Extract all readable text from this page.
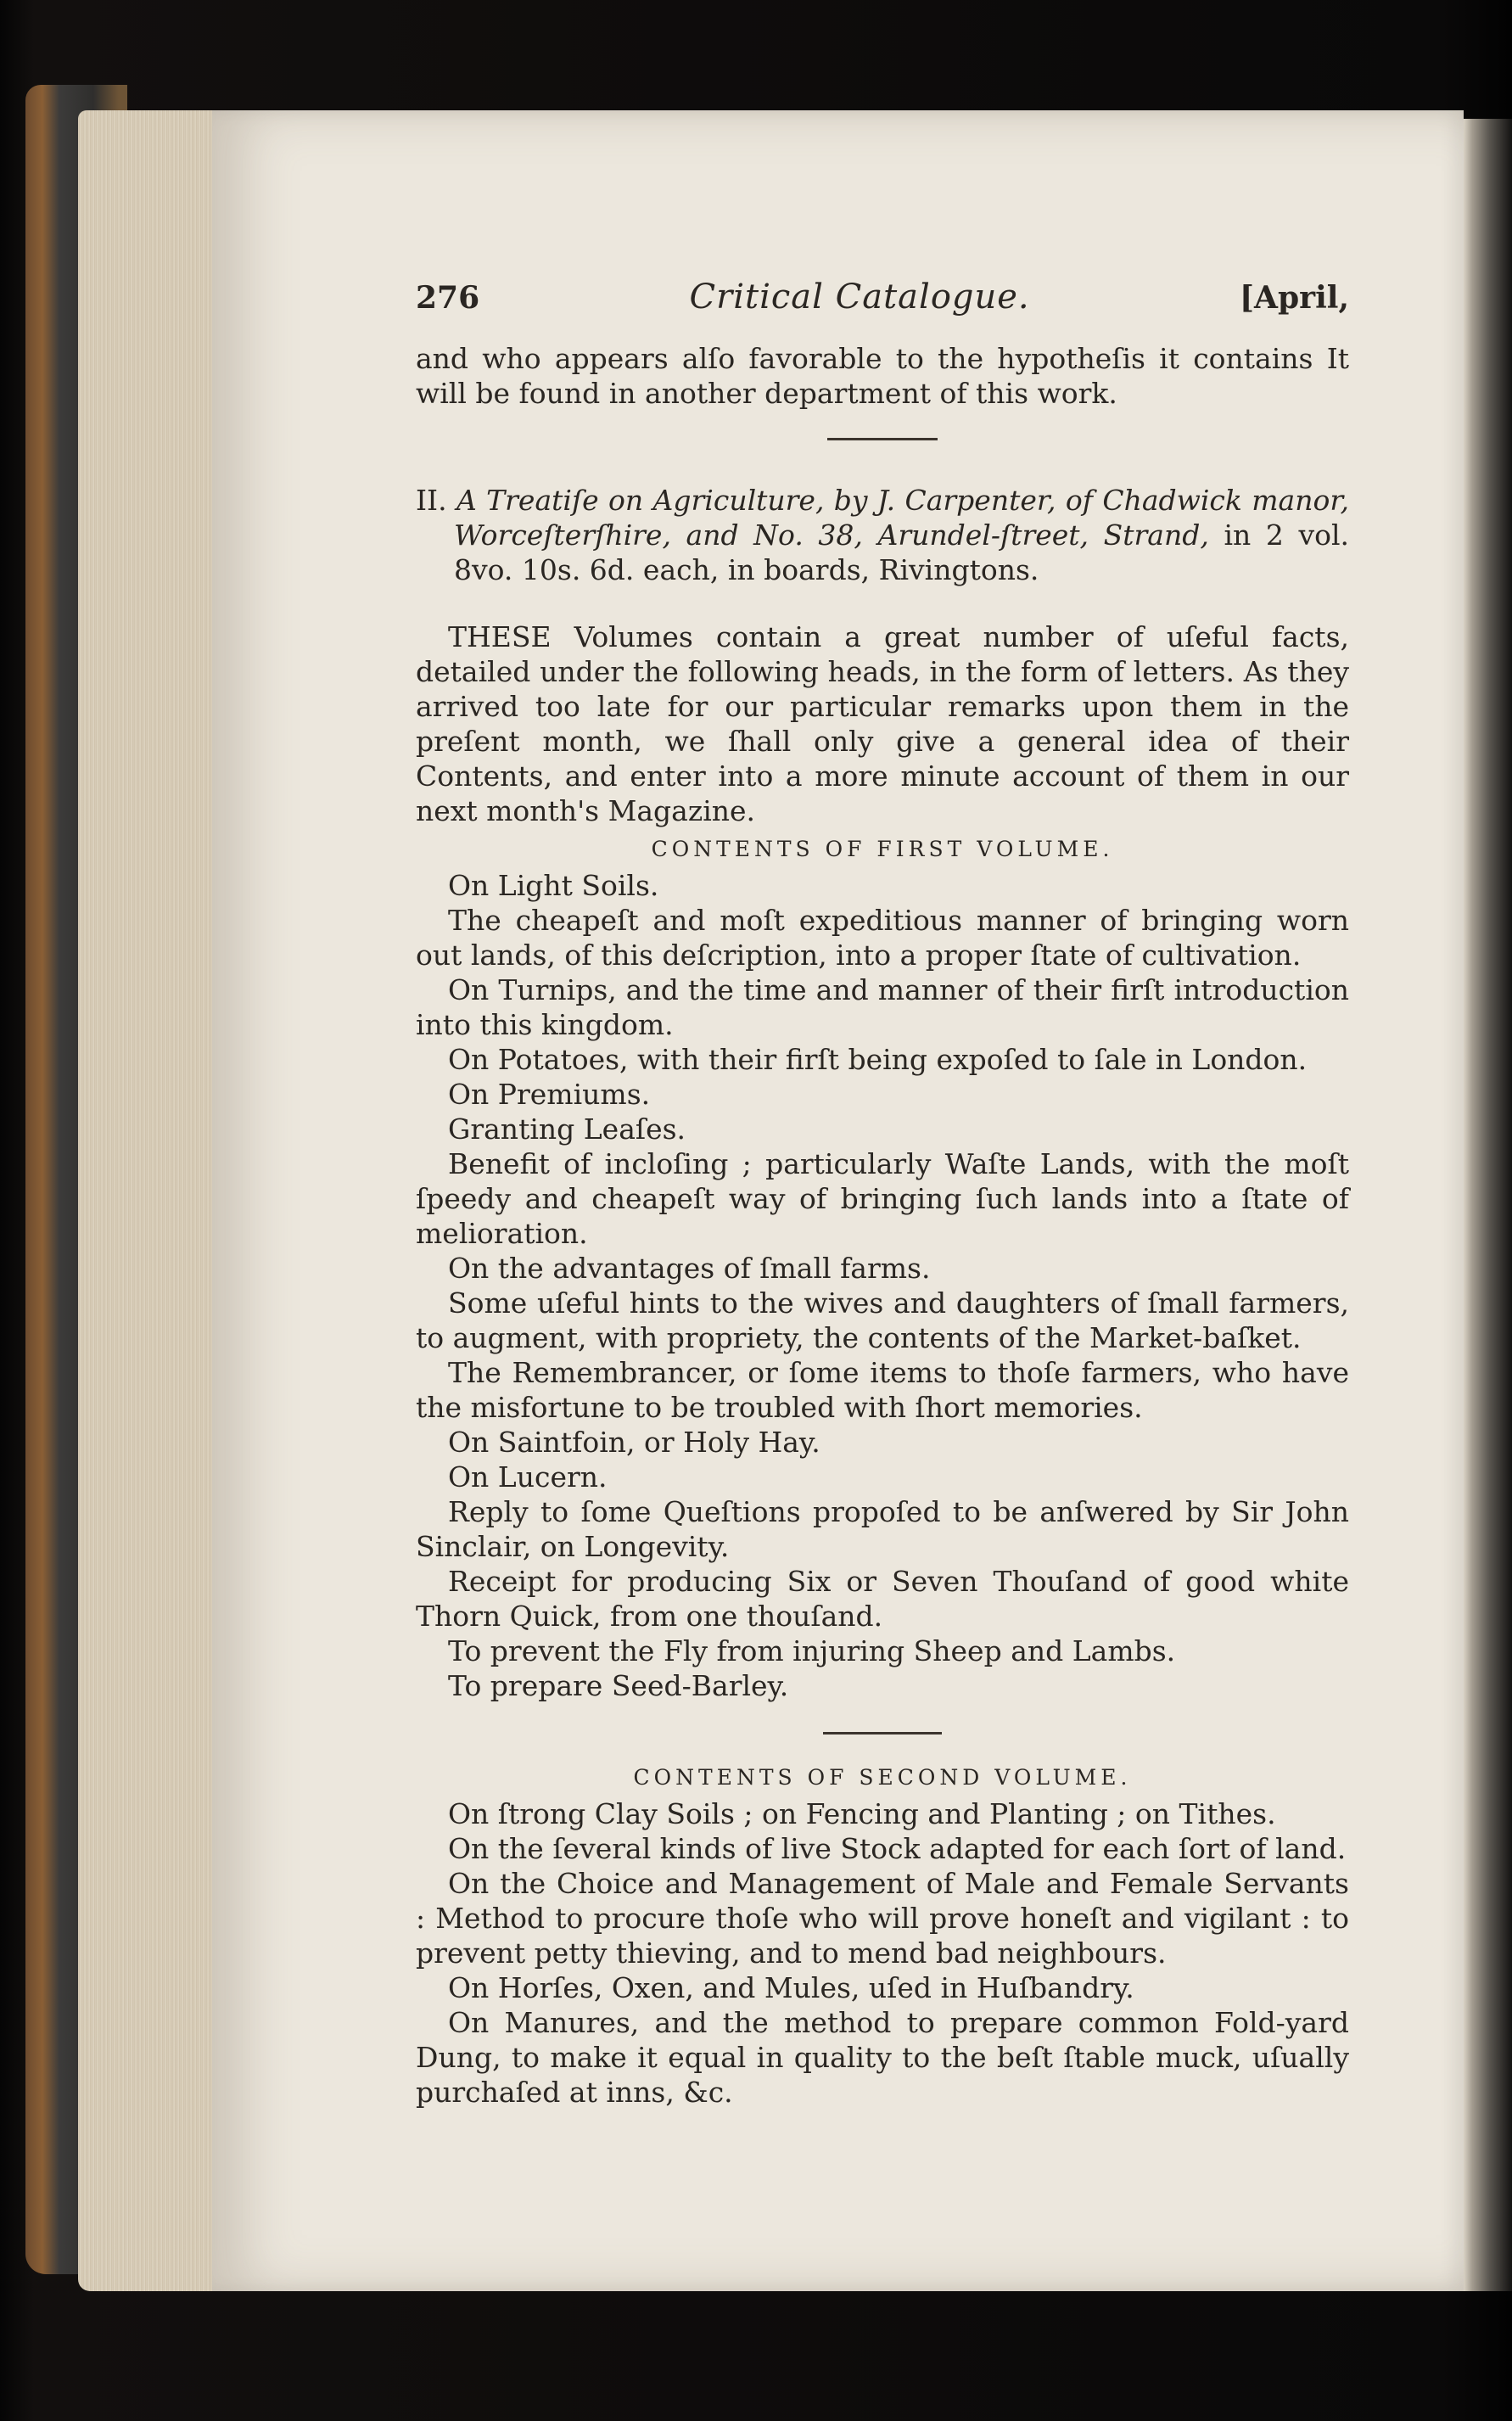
276	Critical Catalogue.	[April,

and who appears alſo favorable to the hypotheſis it contains It will be found in another department of this work.

II. A Treatiſe on Agriculture, by J. Carpenter, of Chadwick manor, Worceſterſhire, and No. 38, Arundel-ſtreet, Strand, in 2 vol. 8vo. 10s. 6d. each, in boards, Rivingtons.

THESE Volumes contain a great number of uſeful facts, detailed under the following heads, in the form of letters. As they arrived too late for our particular remarks upon them in the preſent month, we ſhall only give a general idea of their Contents, and enter into a more minute account of them in our next month's Magazine.

CONTENTS OF FIRST VOLUME.

On Light Soils.

The cheapeſt and moſt expeditious manner of bringing worn out lands, of this deſcription, into a proper ſtate of cultivation.

On Turnips, and the time and manner of their firſt introduction into this kingdom.

On Potatoes, with their firſt being expoſed to ſale in London.

On Premiums.

Granting Leaſes.

Benefit of incloſing ; particularly Waſte Lands, with the moſt ſpeedy and cheapeſt way of bringing ſuch lands into a ſtate of melioration.

On the advantages of ſmall farms.

Some uſeful hints to the wives and daughters of ſmall farmers, to augment, with propriety, the contents of the Market-baſket.

The Remembrancer, or ſome items to thoſe farmers, who have the misfortune to be troubled with ſhort memories.

On Saintfoin, or Holy Hay.

On Lucern.

Reply to ſome Queſtions propoſed to be anſwered by Sir John Sinclair, on Longevity.

Receipt for producing Six or Seven Thouſand of good white Thorn Quick, from one thouſand.

To prevent the Fly from injuring Sheep and Lambs.

To prepare Seed-Barley.

CONTENTS OF SECOND VOLUME.

On ſtrong Clay Soils ; on Fencing and Planting ; on Tithes.

On the ſeveral kinds of live Stock adapted for each ſort of land.

On the Choice and Management of Male and Female Servants : Method to procure thoſe who will prove honeſt and vigilant : to prevent petty thieving, and to mend bad neighbours.

On Horſes, Oxen, and Mules, uſed in Huſbandry.

On Manures, and the method to prepare common Fold-yard Dung, to make it equal in quality to the beſt ſtable muck, uſually purchaſed at inns, &c.
